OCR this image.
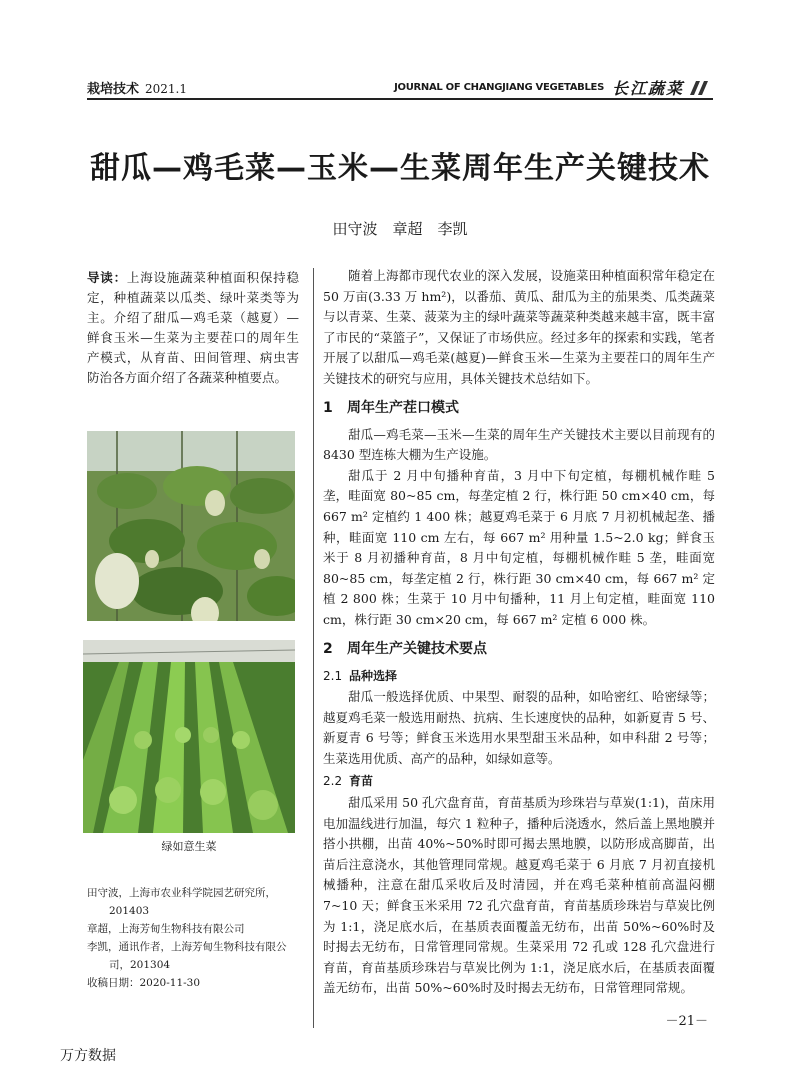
栽培技术 2021.1	JOURNAL OF CHANGJIANG VEGETABLES 长江蔬菜
甜瓜—鸡毛菜—玉米—生菜周年生产关键技术
田守波　章超　李凯

导读：上海设施蔬菜种植面积保持稳定，种植蔬菜以瓜类、绿叶菜类等为主。介绍了甜瓜—鸡毛菜（越夏）—鲜食玉米—生菜为主要茬口的周年生产模式，从育苗、田间管理、病虫害防治各方面介绍了各蔬菜种植要点。

绿如意生菜

田守波，上海市农业科学院园艺研究所，201403

章超，上海芳甸生物科技有限公司

李凯，通讯作者，上海芳甸生物科技有限公司，201304

收稿日期：2020-11-30

随着上海都市现代农业的深入发展，设施菜田种植面积常年稳定在 50 万亩(3.33 万 hm²)，以番茄、黄瓜、甜瓜为主的茄果类、瓜类蔬菜与以青菜、生菜、菠菜为主的绿叶蔬菜等蔬菜种类越来越丰富，既丰富了市民的“菜篮子”，又保证了市场供应。经过多年的探索和实践，笔者开展了以甜瓜—鸡毛菜(越夏)—鲜食玉米—生菜为主要茬口的周年生产关键技术的研究与应用，具体关键技术总结如下。

1 周年生产茬口模式

甜瓜—鸡毛菜—玉米—生菜的周年生产关键技术主要以目前现有的 8430 型连栋大棚为生产设施。

甜瓜于 2 月中旬播种育苗，3 月中下旬定植，每棚机械作畦 5 垄，畦面宽 80~85 cm，每垄定植 2 行，株行距 50 cm×40 cm，每 667 m² 定植约 1 400 株；越夏鸡毛菜于 6 月底 7 月初机械起垄、播种，畦面宽 110 cm 左右，每 667 m² 用种量 1.5~2.0 kg；鲜食玉米于 8 月初播种育苗，8 月中旬定植，每棚机械作畦 5 垄，畦面宽 80~85 cm，每垄定植 2 行，株行距 30 cm×40 cm，每 667 m² 定植 2 800 株；生菜于 10 月中旬播种，11 月上旬定植，畦面宽 110 cm，株行距 30 cm×20 cm，每 667 m² 定植 6 000 株。

2 周年生产关键技术要点
2.1 品种选择

甜瓜一般选择优质、中果型、耐裂的品种，如哈密红、哈密绿等；越夏鸡毛菜一般选用耐热、抗病、生长速度快的品种，如新夏青 5 号、新夏青 6 号等；鲜食玉米选用水果型甜玉米品种，如申科甜 2 号等；生菜选用优质、高产的品种，如绿如意等。

2.2 育苗

甜瓜采用 50 孔穴盘育苗，育苗基质为珍珠岩与草炭(1:1)，苗床用电加温线进行加温，每穴 1 粒种子，播种后浇透水，然后盖上黑地膜并搭小拱棚，出苗 40%~50%时即可揭去黑地膜，以防形成高脚苗，出苗后注意浇水，其他管理同常规。越夏鸡毛菜于 6 月底 7 月初直接机械播种，注意在甜瓜采收后及时清园，并在鸡毛菜种植前高温闷棚 7~10 天；鲜食玉米采用 72 孔穴盘育苗，育苗基质珍珠岩与草炭比例为 1:1，浇足底水后，在基质表面覆盖无纺布，出苗 50%~60%时及时揭去无纺布，日常管理同常规。生菜采用 72 孔或 128 孔穴盘进行育苗，育苗基质珍珠岩与草炭比例为 1:1，浇足底水后，在基质表面覆盖无纺布，出苗 50%~60%时及时揭去无纺布，日常管理同常规。

－21－
万方数据
